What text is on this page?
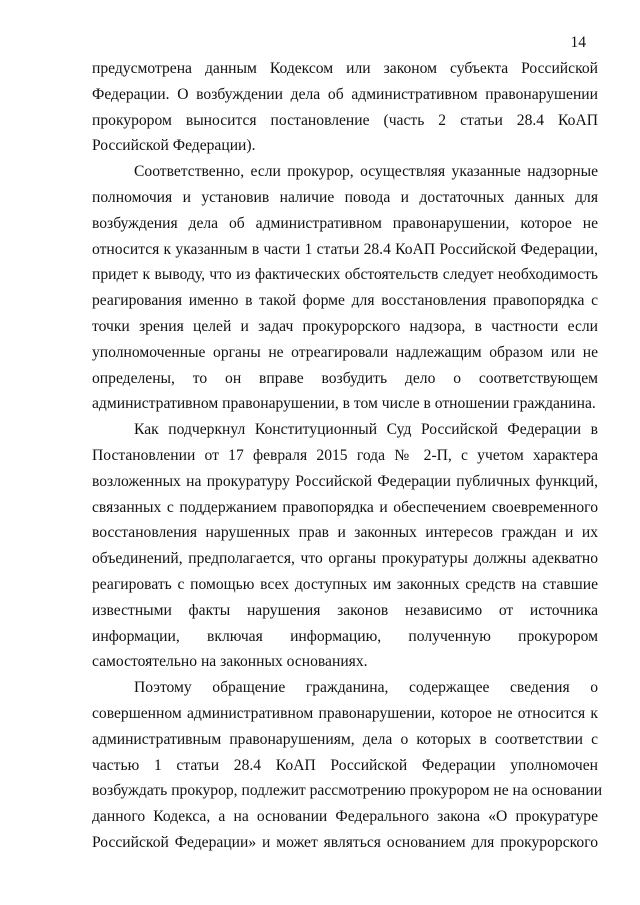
14
предусмотрена данным Кодексом или законом субъекта Российской
Федерации. О возбуждении дела об административном правонарушении
прокурором выносится постановление (часть 2 статьи 28.4 КоАП
Российской Федерации).
Соответственно, если прокурор, осуществляя указанные надзорные
полномочия и установив наличие повода и достаточных данных для
возбуждения дела об административном правонарушении, которое не
относится к указанным в части 1 статьи 28.4 КоАП Российской Федерации,
придет к выводу, что из фактических обстоятельств следует необходимость
реагирования именно в такой форме для восстановления правопорядка с
точки зрения целей и задач прокурорского надзора, в частности если
уполномоченные органы не отреагировали надлежащим образом или не
определены, то он вправе возбудить дело о соответствующем
административном правонарушении, в том числе в отношении гражданина.
Как подчеркнул Конституционный Суд Российской Федерации в
Постановлении от 17 февраля 2015 года № 2-П, с учетом характера
возложенных на прокуратуру Российской Федерации публичных функций,
связанных с поддержанием правопорядка и обеспечением своевременного
восстановления нарушенных прав и законных интересов граждан и их
объединений, предполагается, что органы прокуратуры должны адекватно
реагировать с помощью всех доступных им законных средств на ставшие
известными факты нарушения законов независимо от источника
информации, включая информацию, полученную прокурором
самостоятельно на законных основаниях.
Поэтому обращение гражданина, содержащее сведения о
совершенном административном правонарушении, которое не относится к
административным правонарушениям, дела о которых в соответствии с
частью 1 статьи 28.4 КоАП Российской Федерации уполномочен
возбуждать прокурор, подлежит рассмотрению прокурором не на основании
данного Кодекса, а на основании Федерального закона «О прокуратуре
Российской Федерации» и может являться основанием для прокурорского
